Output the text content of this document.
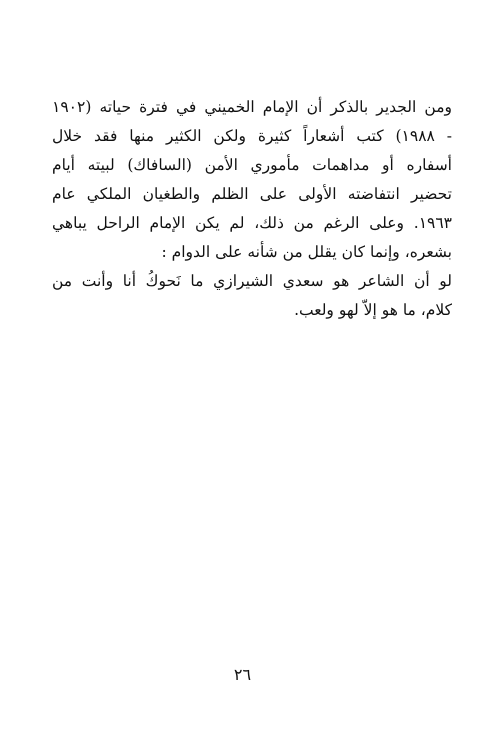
ومن الجدير بالذكر أن الإمام الخميني في فترة حياته (١٩٠٢
- ١٩٨٨) كتب أشعاراً كثيرة ولكن الكثير منها فقد خلال
أسفاره أو مداهمات مأموري الأمن (السافاك) لبيته أيام
تحضير انتفاضته الأولى على الظلم والطغيان الملكي عام
١٩٦٣. وعلى الرغم من ذلك، لم يكن الإمام الراحل يباهي
بشعره، وإنما كان يقلل من شأنه على الدوام :
لو أن الشاعر هو سعدي الشيرازي ما نَحوكُ أنا وأنت من
كلام، ما هو إلاّ لهو ولعب.
٢٦
